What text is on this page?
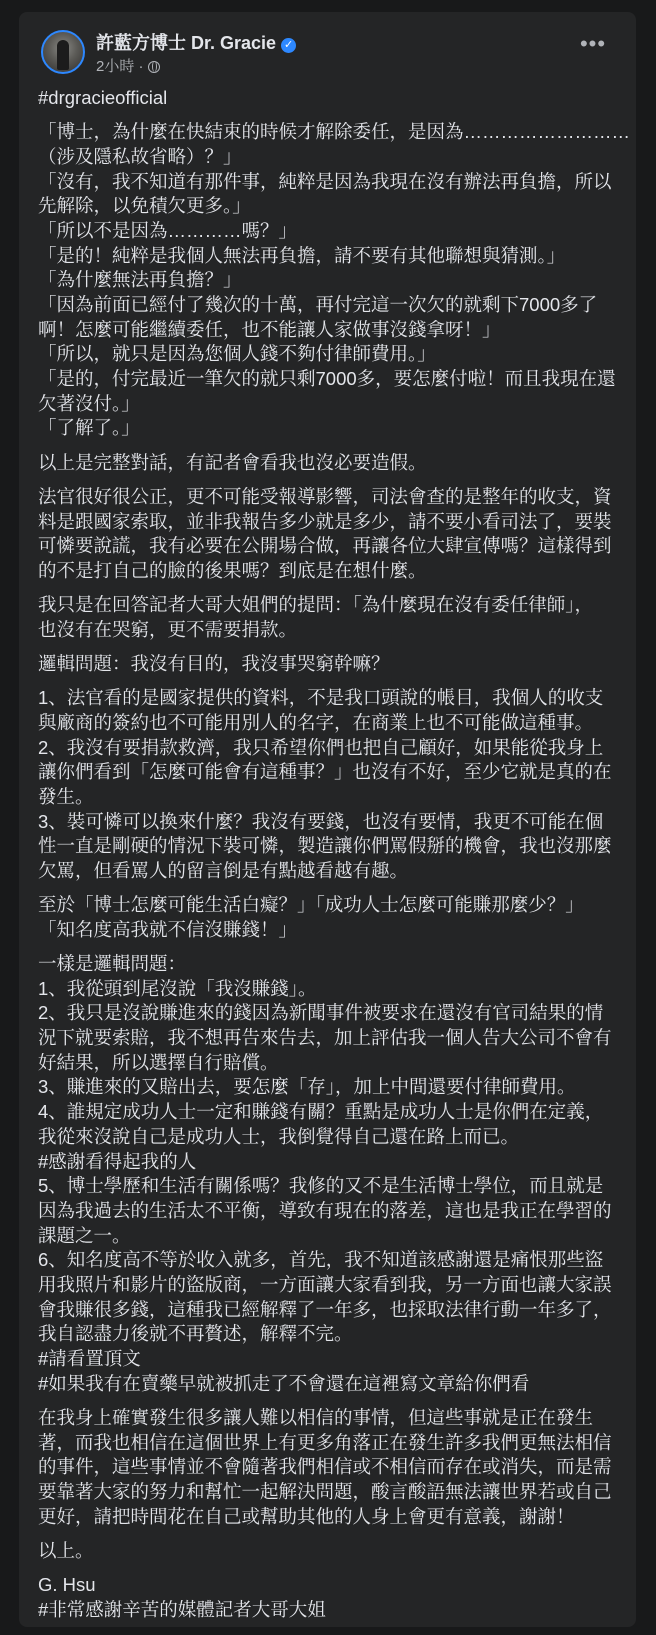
許藍方博士 Dr. Gracie ✓
2小時 ·
•••
#drgracieofficial
「博士，為什麼在快結束的時候才解除委任，是因為………………………
（涉及隱私故省略）？」
「沒有，我不知道有那件事，純粹是因為我現在沒有辦法再負擔，所以
先解除，以免積欠更多。」
「所以不是因為…………嗎？」
「是的！純粹是我個人無法再負擔，請不要有其他聯想與猜測。」
「為什麼無法再負擔？」
「因為前面已經付了幾次的十萬，再付完這一次欠的就剩下7000多了
啊！怎麼可能繼續委任，也不能讓人家做事沒錢拿呀！」
「所以，就只是因為您個人錢不夠付律師費用。」
「是的，付完最近一筆欠的就只剩7000多，要怎麼付啦！而且我現在還
欠著沒付。」
「了解了。」
以上是完整對話，有記者會看我也沒必要造假。
法官很好很公正，更不可能受報導影響，司法會查的是整年的收支，資
料是跟國家索取，並非我報告多少就是多少，請不要小看司法了，要裝
可憐要說謊，我有必要在公開場合做，再讓各位大肆宣傳嗎？這樣得到
的不是打自己的臉的後果嗎？到底是在想什麼。
我只是在回答記者大哥大姐們的提問：「為什麼現在沒有委任律師」，
也沒有在哭窮，更不需要捐款。
邏輯問題：我沒有目的，我沒事哭窮幹嘛？
1、法官看的是國家提供的資料，不是我口頭說的帳目，我個人的收支
與廠商的簽約也不可能用別人的名字，在商業上也不可能做這種事。
2、我沒有要捐款救濟，我只希望你們也把自己顧好，如果能從我身上
讓你們看到「怎麼可能會有這種事？」也沒有不好，至少它就是真的在
發生。
3、裝可憐可以換來什麼？我沒有要錢，也沒有要情，我更不可能在個
性一直是剛硬的情況下裝可憐，製造讓你們罵假掰的機會，我也沒那麼
欠罵，但看罵人的留言倒是有點越看越有趣。
至於「博士怎麼可能生活白癡？」「成功人士怎麼可能賺那麼少？」
「知名度高我就不信沒賺錢！」
一樣是邏輯問題：
1、我從頭到尾沒說「我沒賺錢」。
2、我只是沒說賺進來的錢因為新聞事件被要求在還沒有官司結果的情
況下就要索賠，我不想再告來告去，加上評估我一個人告大公司不會有
好結果，所以選擇自行賠償。
3、賺進來的又賠出去，要怎麼「存」，加上中間還要付律師費用。
4、誰規定成功人士一定和賺錢有關？重點是成功人士是你們在定義，
我從來沒說自己是成功人士，我倒覺得自己還在路上而已。
#感謝看得起我的人
5、博士學歷和生活有關係嗎？我修的又不是生活博士學位，而且就是
因為我過去的生活太不平衡，導致有現在的落差，這也是我正在學習的
課題之一。
6、知名度高不等於收入就多，首先，我不知道該感謝還是痛恨那些盜
用我照片和影片的盜版商，一方面讓大家看到我，另一方面也讓大家誤
會我賺很多錢，這種我已經解釋了一年多，也採取法律行動一年多了，
我自認盡力後就不再贅述，解釋不完。
#請看置頂文
#如果我有在賣藥早就被抓走了不會還在這裡寫文章給你們看
在我身上確實發生很多讓人難以相信的事情，但這些事就是正在發生
著，而我也相信在這個世界上有更多角落正在發生許多我們更無法相信
的事件，這些事情並不會隨著我們相信或不相信而存在或消失，而是需
要靠著大家的努力和幫忙一起解決問題，酸言酸語無法讓世界若或自己
更好，請把時間花在自己或幫助其他的人身上會更有意義，謝謝！
以上。
G. Hsu
#非常感謝辛苦的媒體記者大哥大姐
